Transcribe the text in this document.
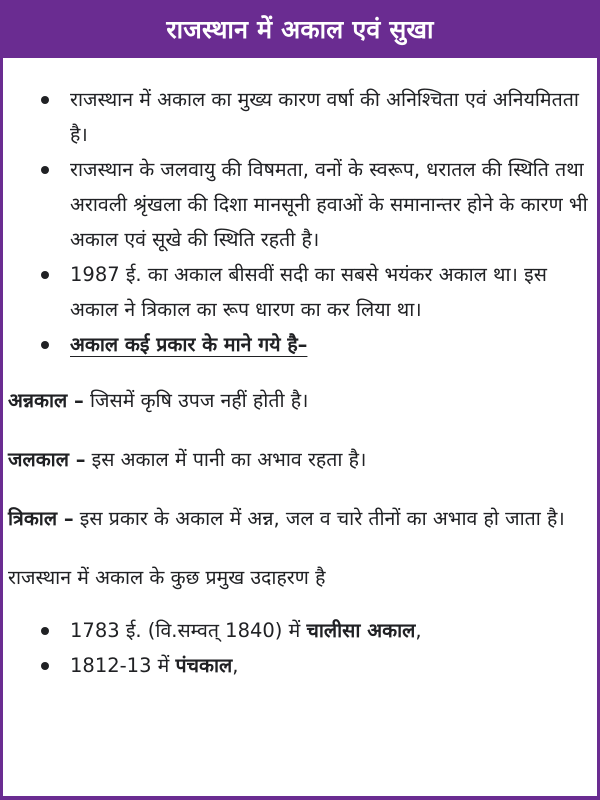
राजस्थान में अकाल एवं सुखा
राजस्थान में अकाल का मुख्य कारण वर्षा की अनिश्चिता एवं अनियमितता है।
राजस्थान के जलवायु की विषमता, वनों के स्वरूप, धरातल की स्थिति तथा अरावली श्रृंखला की दिशा मानसूनी हवाओं के समानान्तर होने के कारण भी अकाल एवं सूखे की स्थिति रहती है।
1987 ई. का अकाल बीसवीं सदी का सबसे भयंकर अकाल था। इस अकाल ने त्रिकाल का रूप धारण का कर लिया था।
अकाल कई प्रकार के माने गये है–

अन्नकाल – जिसमें कृषि उपज नहीं होती है।

जलकाल – इस अकाल में पानी का अभाव रहता है।

त्रिकाल – इस प्रकार के अकाल में अन्न, जल व चारे तीनों का अभाव हो जाता है।

राजस्थान में अकाल के कुछ प्रमुख उदाहरण है

1783 ई. (वि.सम्वत् 1840) में चालीसा अकाल,
1812-13 में पंचकाल,
